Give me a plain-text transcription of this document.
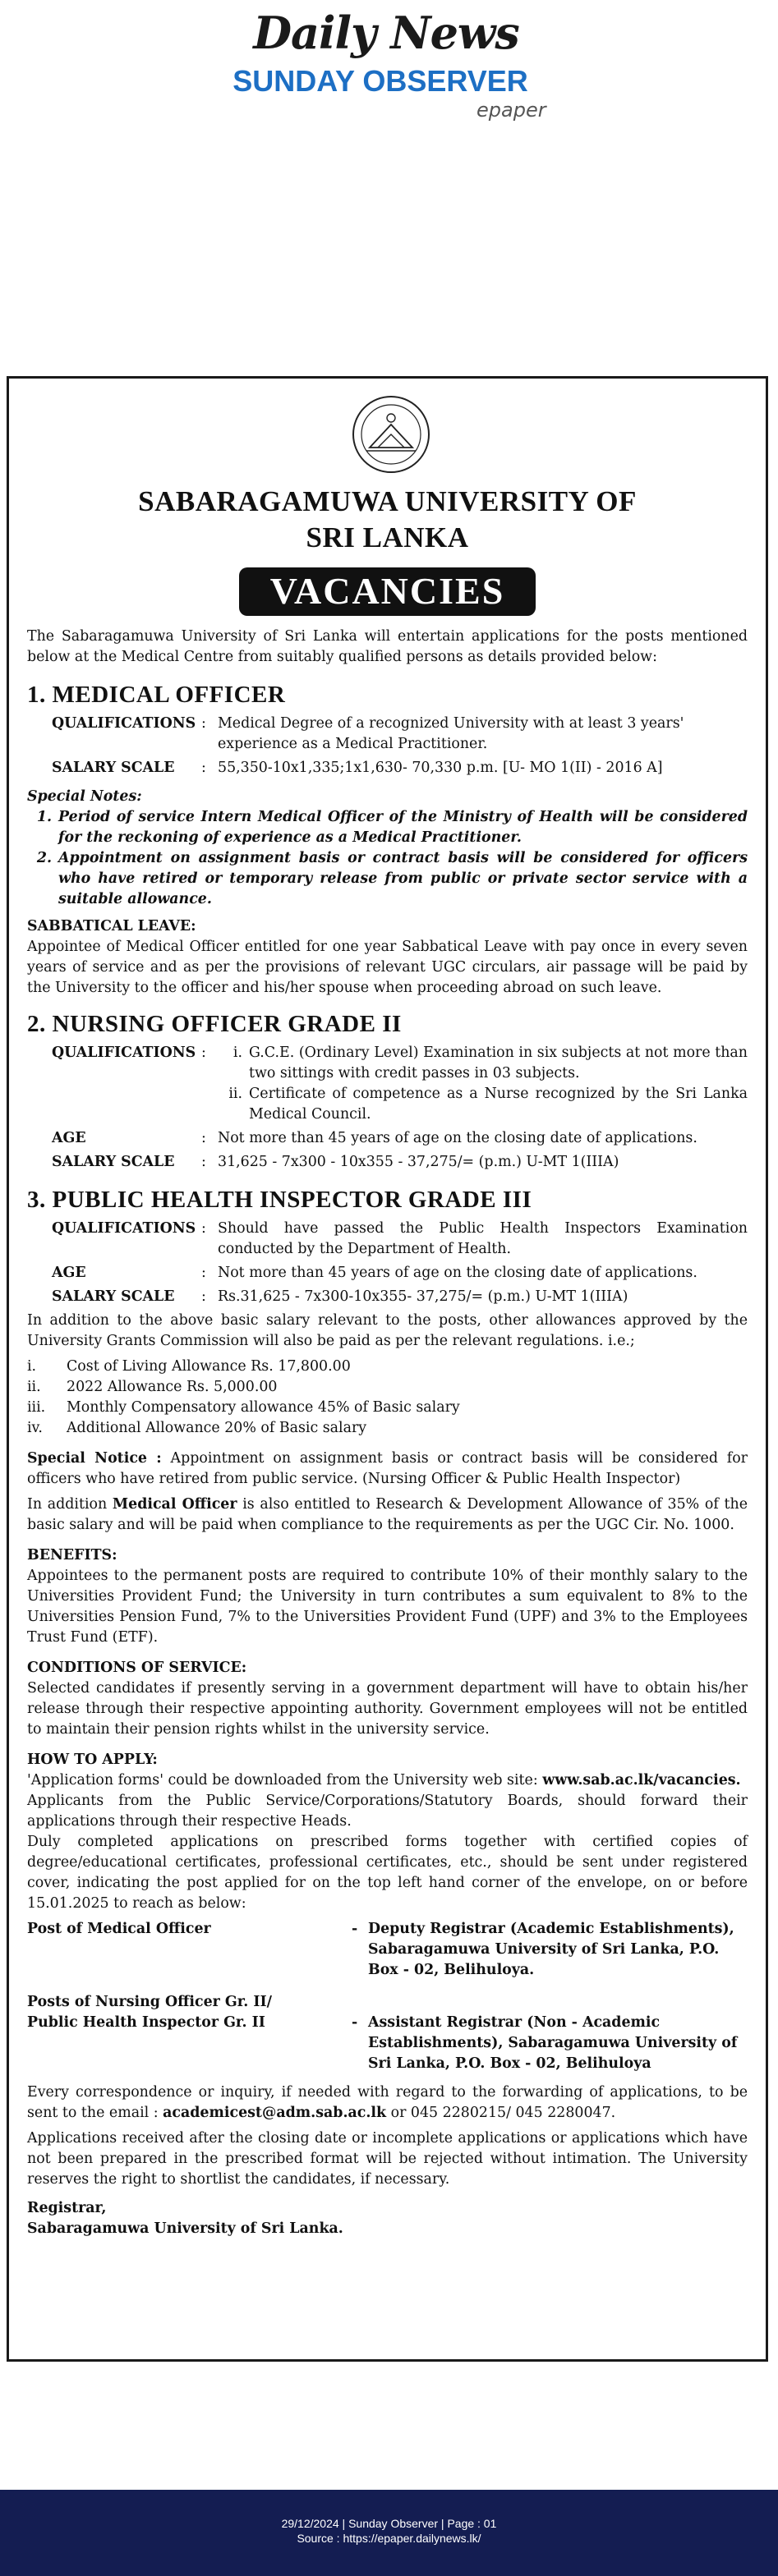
Daily News
SUNDAY OBSERVER
epaper
SABARAGAMUWA UNIVERSITY OF
SRI LANKA
VACANCIES

The Sabaragamuwa University of Sri Lanka will entertain applications for the posts mentioned below at the Medical Centre from suitably qualified persons as details provided below:

1. MEDICAL OFFICER
QUALIFICATIONS : Medical Degree of a recognized University with at least 3 years' experience as a Medical Practitioner.
SALARY SCALE	: 55,350-10x1,335;1x1,630- 70,330 p.m. [U- MO 1(II) - 2016 A]
Special Notes:
1. Period of service Intern Medical Officer of the Ministry of Health will be considered for the reckoning of experience as a Medical Practitioner.
2. Appointment on assignment basis or contract basis will be considered for officers who have retired or temporary release from public or private sector service with a suitable allowance.
SABBATICAL LEAVE:

Appointee of Medical Officer entitled for one year Sabbatical Leave with pay once in every seven years of service and as per the provisions of relevant UGC circulars, air passage will be paid by the University to the officer and his/her spouse when proceeding abroad on such leave.

2. NURSING OFFICER GRADE II
QUALIFICATIONS :	i. G.C.E. (Ordinary Level) Examination in six subjects at not more than two sittings with credit passes in 03 subjects.
ii. Certificate of competence as a Nurse recognized by the Sri Lanka Medical Council.
AGE	: Not more than 45 years of age on the closing date of applications.
SALARY SCALE	: 31,625 - 7x300 - 10x355 - 37,275/= (p.m.) U-MT 1(IIIA)
3. PUBLIC HEALTH INSPECTOR GRADE III
QUALIFICATIONS : Should have passed the Public Health Inspectors Examination conducted by the Department of Health.
AGE	: Not more than 45 years of age on the closing date of applications.
SALARY SCALE	: Rs.31,625 - 7x300-10x355- 37,275/= (p.m.) U-MT 1(IIIA)

In addition to the above basic salary relevant to the posts, other allowances approved by the University Grants Commission will also be paid as per the relevant regulations. i.e.;

i.	Cost of Living Allowance Rs. 17,800.00
ii.	2022 Allowance Rs. 5,000.00
iii.	Monthly Compensatory allowance 45% of Basic salary
iv.	Additional Allowance 20% of Basic salary

Special Notice : Appointment on assignment basis or contract basis will be considered for officers who have retired from public service. (Nursing Officer & Public Health Inspector)

In addition Medical Officer is also entitled to Research & Development Allowance of 35% of the basic salary and will be paid when compliance to the requirements as per the UGC Cir. No. 1000.

BENEFITS:

Appointees to the permanent posts are required to contribute 10% of their monthly salary to the Universities Provident Fund; the University in turn contributes a sum equivalent to 8% to the Universities Pension Fund, 7% to the Universities Provident Fund (UPF) and 3% to the Employees Trust Fund (ETF).

CONDITIONS OF SERVICE:

Selected candidates if presently serving in a government department will have to obtain his/her release through their respective appointing authority. Government employees will not be entitled to maintain their pension rights whilst in the university service.

HOW TO APPLY:

'Application forms' could be downloaded from the University web site: www.sab.ac.lk/vacancies.

Applicants from the Public Service/Corporations/Statutory Boards, should forward their applications through their respective Heads.

Duly completed applications on prescribed forms together with certified copies of degree/educational certificates, professional certificates, etc., should be sent under registered cover, indicating the post applied for on the top left hand corner of the envelope, on or before 15.01.2025 to reach as below:

Post of Medical Officer	- Deputy Registrar (Academic Establishments), Sabaragamuwa University of Sri Lanka, P.O. Box - 02, Belihuloya.
Posts of Nursing Officer Gr. II/
Public Health Inspector Gr. II	- Assistant Registrar (Non - Academic Establishments), Sabaragamuwa University of Sri Lanka, P.O. Box - 02, Belihuloya

Every correspondence or inquiry, if needed with regard to the forwarding of applications, to be sent to the email : academicest@adm.sab.ac.lk or 045 2280215/ 045 2280047.

Applications received after the closing date or incomplete applications or applications which have not been prepared in the prescribed format will be rejected without intimation. The University reserves the right to shortlist the candidates, if necessary.

Registrar,
Sabaragamuwa University of Sri Lanka.
29/12/2024 | Sunday Observer | Page : 01
Source : https://epaper.dailynews.lk/
